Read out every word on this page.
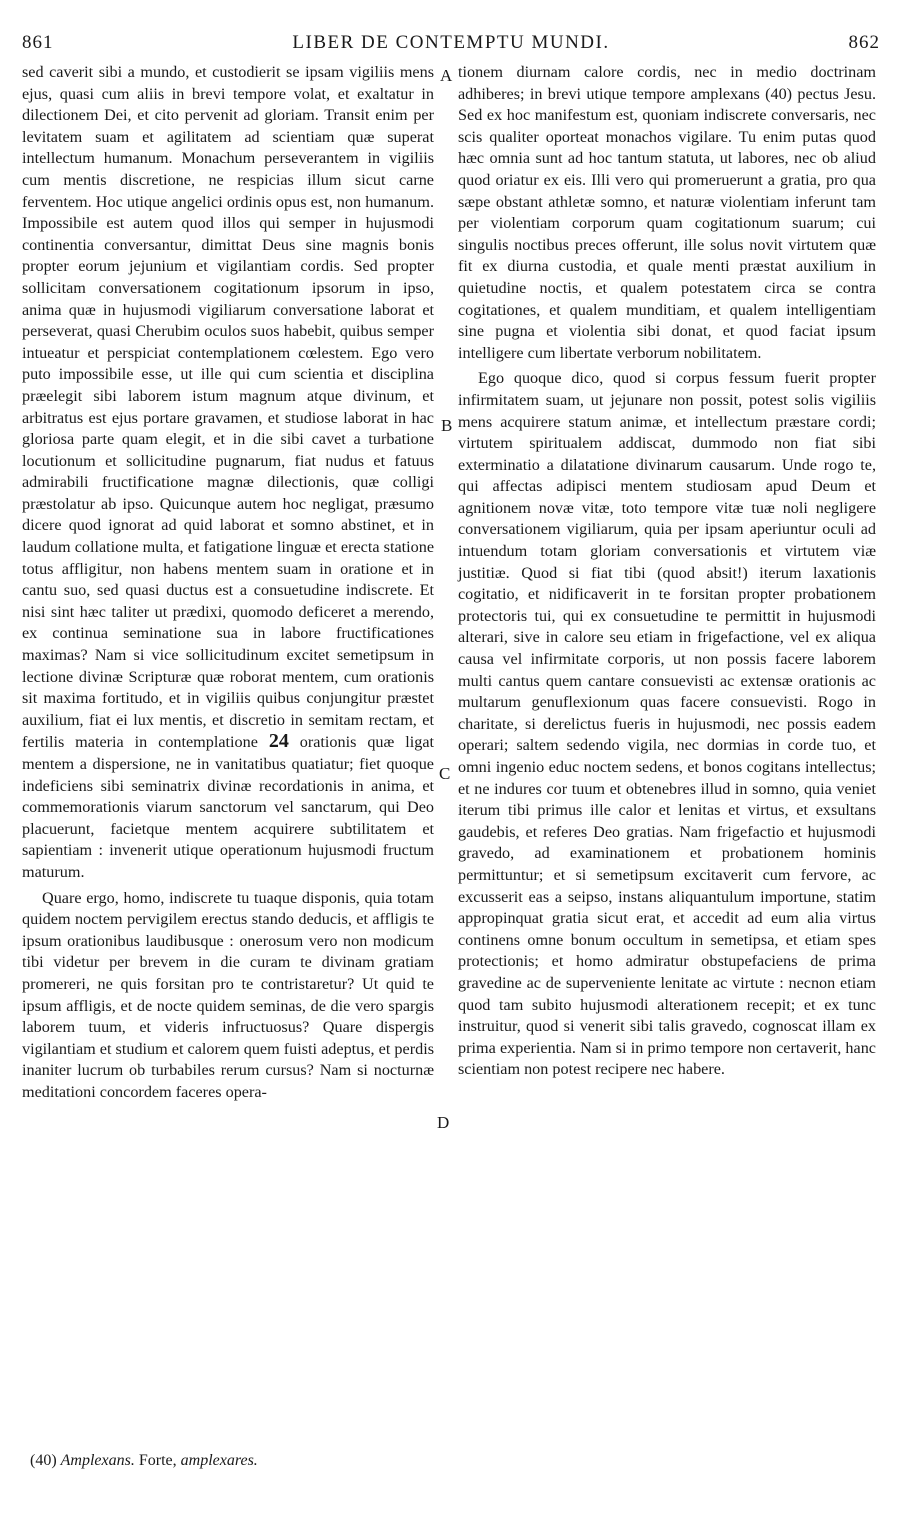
861	LIBER DE CONTEMPTU MUNDI.	862

sed caverit sibi a mundo, et custodierit se ipsam vigiliis mens ejus, quasi cum aliis in brevi tempore volat, et exaltatur in dilectionem Dei, et cito pervenit ad gloriam. Transit enim per levitatem suam et agilitatem ad scientiam quæ superat intellectum humanum. Monachum perseverantem in vigiliis cum mentis discretione, ne respicias illum sicut carne ferventem. Hoc utique angelici ordinis opus est, non humanum. Impossibile est autem quod illos qui semper in hujusmodi continentia conversantur, dimittat Deus sine magnis bonis propter eorum jejunium et vigilantiam cordis. Sed propter sollicitam conversationem cogitationum ipsorum in ipso, anima quæ in hujusmodi vigiliarum conversatione laborat et perseverat, quasi Cherubim oculos suos habebit, quibus semper intueatur et perspiciat contemplationem cœlestem. Ego vero puto impossibile esse, ut ille qui cum scientia et disciplina præelegit sibi laborem istum magnum atque divinum, et arbitratus est ejus portare gravamen, et studiose laborat in hac gloriosa parte quam elegit, et in die sibi cavet a turbatione locutionum et sollicitudine pugnarum, fiat nudus et fatuus admirabili fructificatione magnæ dilectionis, quæ colligi præstolatur ab ipso. Quicunque autem hoc negligat, præsumo dicere quod ignorat ad quid laborat et somno abstinet, et in laudum collatione multa, et fatigatione linguæ et erecta statione totus affligitur, non habens mentem suam in oratione et in cantu suo, sed quasi ductus est a consuetudine indiscrete. Et nisi sint hæc taliter ut prædixi, quomodo deficeret a merendo, ex continua seminatione sua in labore fructificationes maximas? Nam si vice sollicitudinum excitet semetipsum in lectione divinæ Scripturæ quæ roborat mentem, cum orationis sit maxima fortitudo, et in vigiliis quibus conjungitur præstet auxilium, fiat ei lux mentis, et discretio in semitam rectam, et fertilis materia in contemplatione 24 orationis quæ ligat mentem a dispersione, ne in vanitatibus quatiatur; fiet quoque indeficiens sibi seminatrix divinæ recordationis in anima, et commemorationis viarum sanctorum vel sanctarum, qui Deo placuerunt, facietque mentem acquirere subtilitatem et sapientiam : invenerit utique operationum hujusmodi fructum maturum.

Quare ergo, homo, indiscrete tu tuaque disponis, quia totam quidem noctem pervigilem erectus stando deducis, et affligis te ipsum orationibus laudibusque : onerosum vero non modicum tibi videtur per brevem in die curam te divinam gratiam promereri, ne quis forsitan pro te contristaretur? Ut quid te ipsum affligis, et de nocte quidem seminas, de die vero spargis laborem tuum, et videris infructuosus? Quare dispergis vigilantiam et studium et calorem quem fuisti adeptus, et perdis inaniter lucrum ob turbabiles rerum cursus? Nam si nocturnæ meditationi concordem faceres opera-

A
B
C
D

tionem diurnam calore cordis, nec in medio doctrinam adhiberes; in brevi utique tempore amplexans (40) pectus Jesu. Sed ex hoc manifestum est, quoniam indiscrete conversaris, nec scis qualiter oporteat monachos vigilare. Tu enim putas quod hæc omnia sunt ad hoc tantum statuta, ut labores, nec ob aliud quod oriatur ex eis. Illi vero qui promeruerunt a gratia, pro qua sæpe obstant athletæ somno, et naturæ violentiam inferunt tam per violentiam corporum quam cogitationum suarum; cui singulis noctibus preces offerunt, ille solus novit virtutem quæ fit ex diurna custodia, et quale menti præstat auxilium in quietudine noctis, et qualem potestatem circa se contra cogitationes, et qualem munditiam, et qualem intelligentiam sine pugna et violentia sibi donat, et quod faciat ipsum intelligere cum libertate verborum nobilitatem.

Ego quoque dico, quod si corpus fessum fuerit propter infirmitatem suam, ut jejunare non possit, potest solis vigiliis mens acquirere statum animæ, et intellectum præstare cordi; virtutem spiritualem addiscat, dummodo non fiat sibi exterminatio a dilatatione divinarum causarum. Unde rogo te, qui affectas adipisci mentem studiosam apud Deum et agnitionem novæ vitæ, toto tempore vitæ tuæ noli negligere conversationem vigiliarum, quia per ipsam aperiuntur oculi ad intuendum totam gloriam conversationis et virtutem viæ justitiæ. Quod si fiat tibi (quod absit!) iterum laxationis cogitatio, et nidificaverit in te forsitan propter probationem protectoris tui, qui ex consuetudine te permittit in hujusmodi alterari, sive in calore seu etiam in frigefactione, vel ex aliqua causa vel infirmitate corporis, ut non possis facere laborem multi cantus quem cantare consuevisti ac extensæ orationis ac multarum genuflexionum quas facere consuevisti. Rogo in charitate, si derelictus fueris in hujusmodi, nec possis eadem operari; saltem sedendo vigila, nec dormias in corde tuo, et omni ingenio educ noctem sedens, et bonos cogitans intellectus; et ne indures cor tuum et obtenebres illud in somno, quia veniet iterum tibi primus ille calor et lenitas et virtus, et exsultans gaudebis, et referes Deo gratias. Nam frigefactio et hujusmodi gravedo, ad examinationem et probationem hominis permittuntur; et si semetipsum excitaverit cum fervore, ac excusserit eas a seipso, instans aliquantulum importune, statim appropinquat gratia sicut erat, et accedit ad eum alia virtus continens omne bonum occultum in semetipsa, et etiam spes protectionis; et homo admiratur obstupefaciens de prima gravedine ac de superveniente lenitate ac virtute : necnon etiam quod tam subito hujusmodi alterationem recepit; et ex tunc instruitur, quod si venerit sibi talis gravedo, cognoscat illam ex prima experientia. Nam si in primo tempore non certaverit, hanc scientiam non potest recipere nec habere.

(40) Amplexans. Forte, amplexares.
